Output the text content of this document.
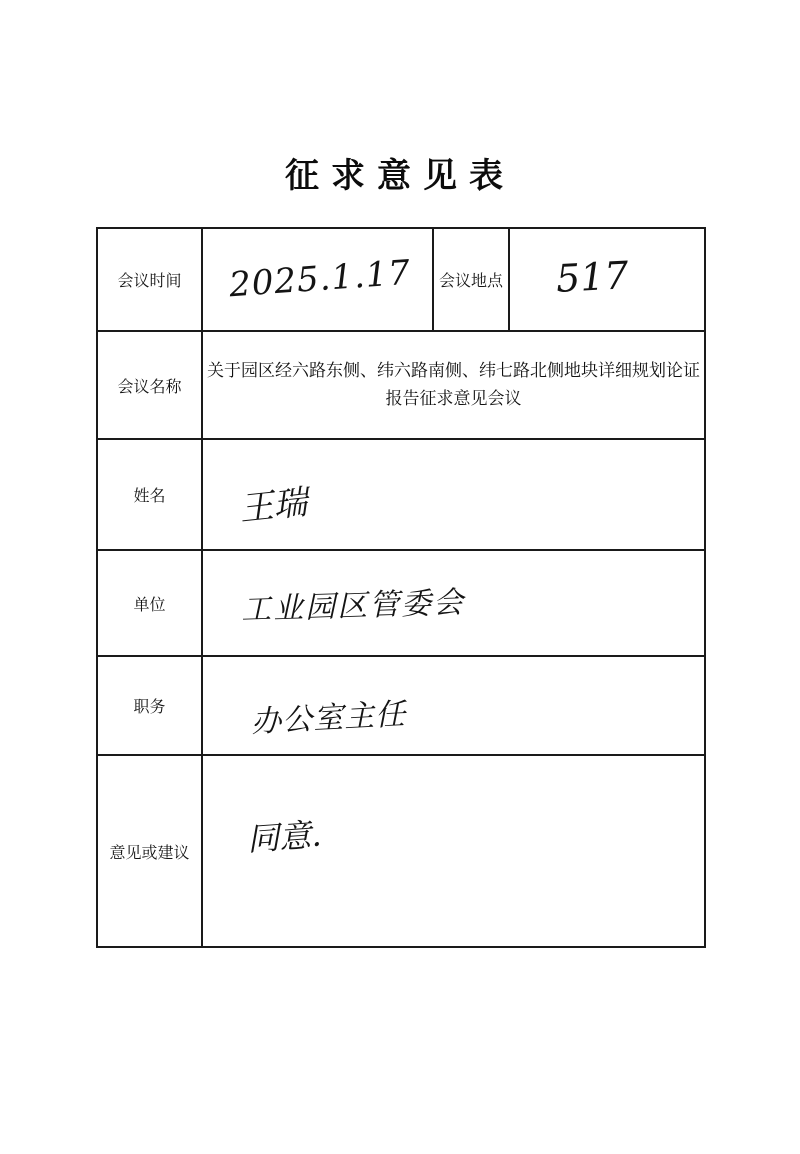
征求意见表
会议时间	2025.1.17	会议地点	517

会议名称	关于园区经六路东侧、纬六路南侧、纬七路北侧地块详细规划论证报告征求意见会议		

姓名	王瑞		

单位	工业园区管委会		

职务	办公室主任		

意见或建议	同意.		
